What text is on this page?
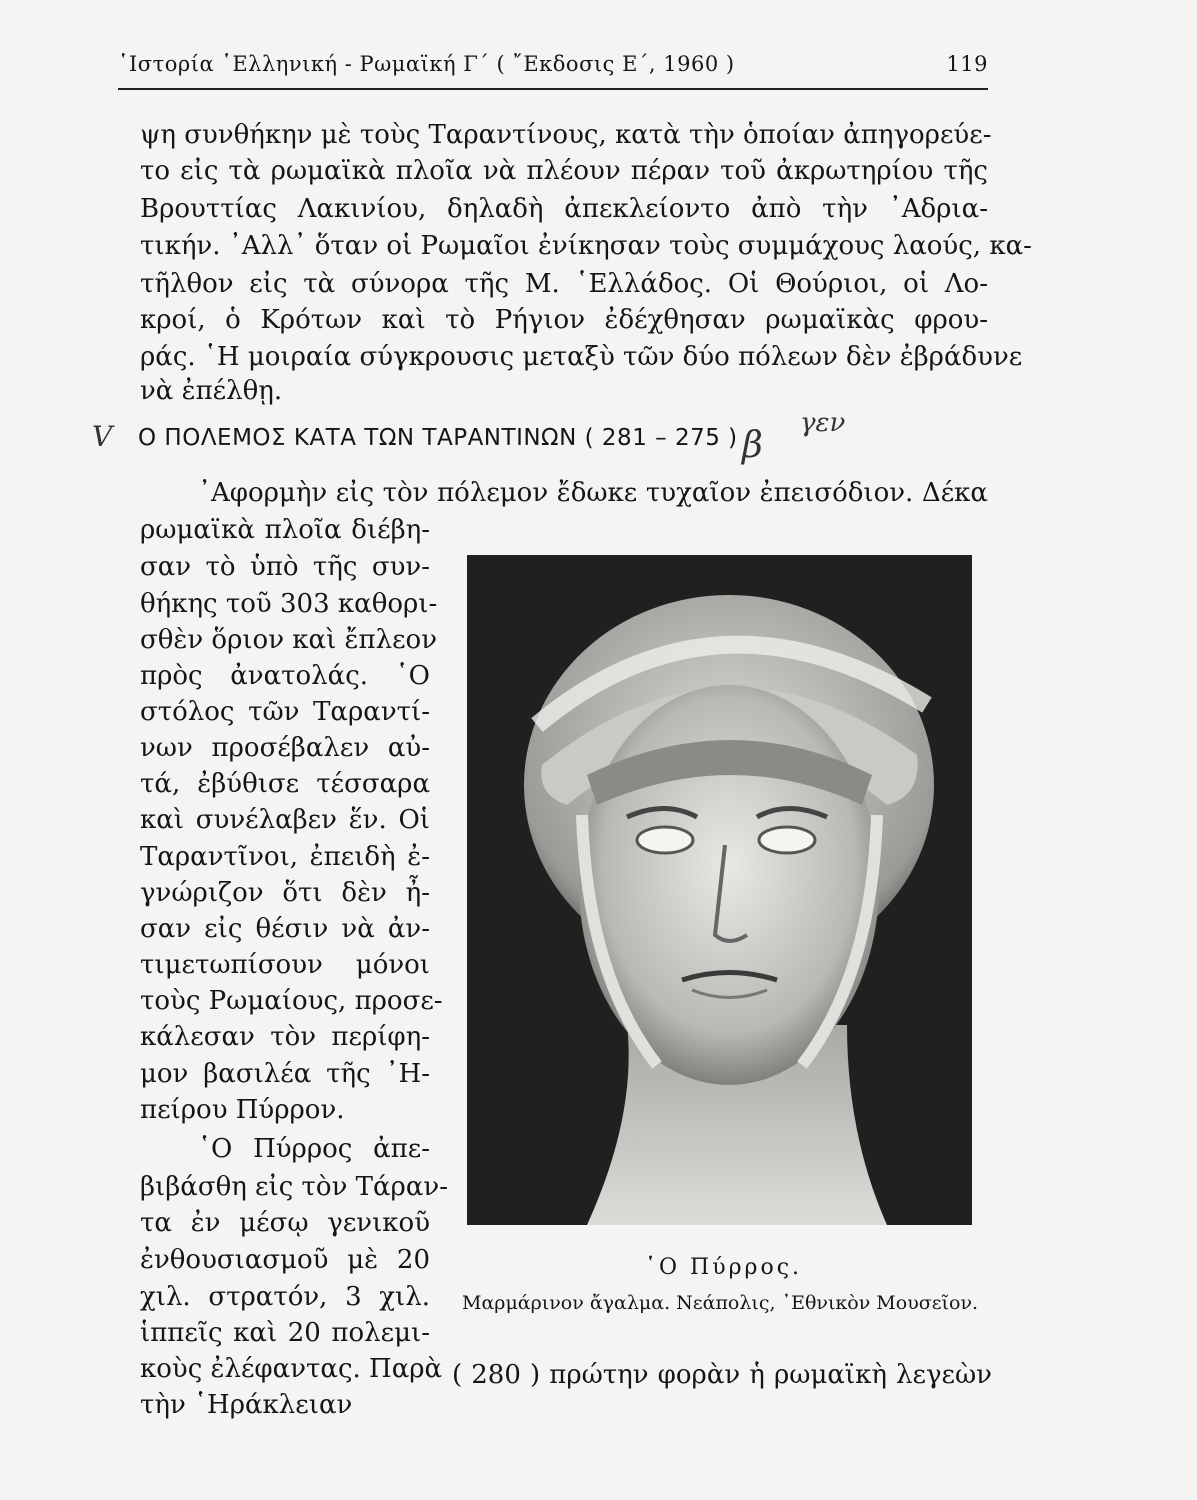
῾Ιστορία ῾Ελληνική - Ρωμαϊκή Γ΄ ( ῎Εκδοσις Ε΄, 1960 )	119
ψη συνθήκην μὲ τοὺς Ταραντίνους, κατὰ τὴν ὁποίαν ἀπηγορεύε-
το εἰς τὰ ρωμαϊκὰ πλοῖα νὰ πλέουν πέραν τοῦ ἀκρωτηρίου τῆς
Βρουττίας Λακινίου, δηλαδὴ ἀπεκλείοντο ἀπὸ τὴν ᾽Αδρια-
τικήν. ᾽Αλλ᾽ ὅταν οἱ Ρωμαῖοι ἐνίκησαν τοὺς συμμάχους λαούς, κα-
τῆλθον εἰς τὰ σύνορα τῆς Μ. ῾Ελλάδος. Οἱ Θούριοι, οἱ Λο-
κροί, ὁ Κρότων καὶ τὸ Ρήγιον ἐδέχθησαν ρωμαϊκὰς φρου-
ράς. ῾Η μοιραία σύγκρουσις μεταξὺ τῶν δύο πόλεων δὲν ἐβράδυνε
νὰ ἐπέλθῃ.
V	β
γεν
Ο ΠΟΛΕΜΟΣ ΚΑΤΑ ΤΩΝ ΤΑΡΑΝΤΙΝΩΝ ( 281 – 275 )
᾽Αφορμὴν εἰς τὸν πόλεμον ἔδωκε τυχαῖον ἐπεισόδιον. Δέκα
ρωμαϊκὰ πλοῖα διέβη-
σαν τὸ ὑπὸ τῆς συν-
θήκης τοῦ 303 καθορι-
σθὲν ὅριον καὶ ἔπλεον
πρὸς ἀνατολάς. ῾Ο
στόλος τῶν Ταραντί-
νων προσέβαλεν αὐ-
τά, ἐβύθισε τέσσαρα
καὶ συνέλαβεν ἕν. Οἱ
Ταραντῖνοι, ἐπειδὴ ἐ-
γνώριζον ὅτι δὲν ἦ-
σαν εἰς θέσιν νὰ ἀν-
τιμετωπίσουν μόνοι
τοὺς Ρωμαίους, προσε-
κάλεσαν τὸν περίφη-
μον βασιλέα τῆς ᾽Η-
πείρου Πύρρον.
῾Ο Πύρρος ἀπε-
βιβάσθη εἰς τὸν Τάραν-
τα ἐν μέσῳ γενικοῦ
ἐνθουσιασμοῦ μὲ 20
χιλ. στρατόν, 3 χιλ.
ἱππεῖς καὶ 20 πολεμι-
κοὺς ἐλέφαντας. Παρὰ
τὴν ῾Ηράκλειαν
῾Ο Πύρρος.
Μαρμάρινον ἄγαλμα. Νεάπολις, ᾽Εθνικὸν Μουσεῖον.
( 280 ) πρώτην φορὰν ἡ ρωμαϊκὴ λεγεὼν
